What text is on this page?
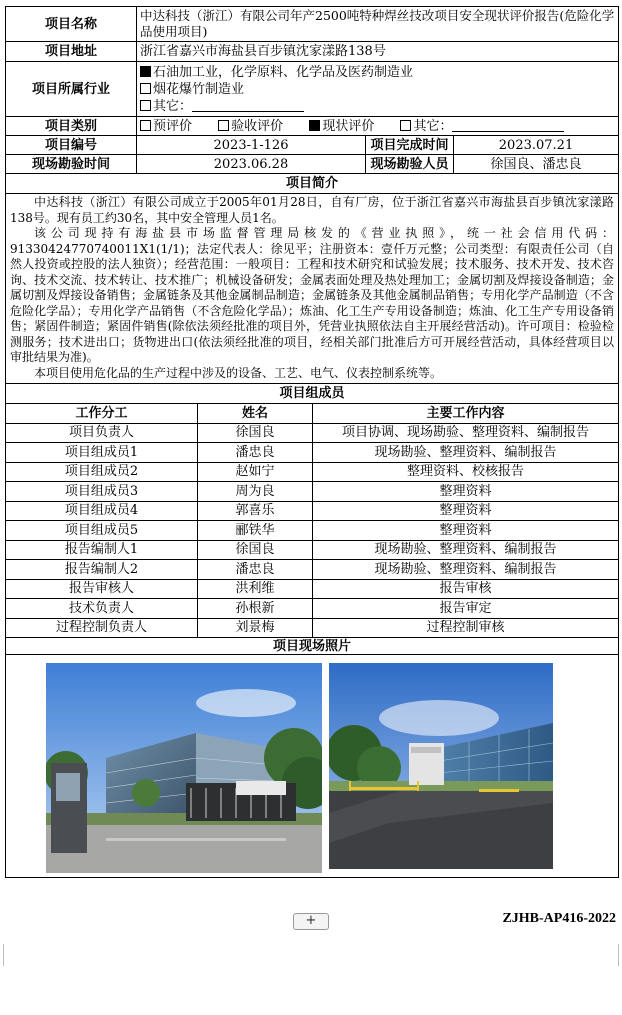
项目名称	中达科技（浙江）有限公司年产2500吨特种焊丝技改项目安全现状评价报告(危险化学品使用项目)		
项目地址	浙江省嘉兴市海盐县百步镇沈家漾路138号		
项目所属行业	石油加工业，化学原料、化学品及医药制造业
烟花爆竹制造业
其它：		

项目类别	预评价 验收评价 现状评价 其它：		
项目编号	2023-1-126	项目完成时间	2023.07.21
现场勘验时间	2023.06.28	现场勘验人员	徐国良、潘忠良
项目简介			

中达科技（浙江）有限公司成立于2005年01月28日，自有厂房，位于浙江省嘉兴市海盐县百步镇沈家漾路138号。现有员工约30名，其中安全管理人员1名。

该公司现持有海盐县市场监督管理局核发的《营业执照》，统一社会信用代码：91330424770740011X1(1/1)；法定代表人：徐见平；注册资本：壹仟万元整；公司类型：有限责任公司（自然人投资或控股的法人独资）；经营范围：一般项目：工程和技术研究和试验发展；技术服务、技术开发、技术咨询、技术交流、技术转让、技术推广；机械设备研发；金属表面处理及热处理加工；金属切割及焊接设备制造；金属切割及焊接设备销售；金属链条及其他金属制品制造；金属链条及其他金属制品销售；专用化学产品制造（不含危险化学品）；专用化学产品销售（不含危险化学品）；炼油、化工生产专用设备制造；炼油、化工生产专用设备销售；紧固件制造；紧固件销售(除依法须经批准的项目外，凭营业执照依法自主开展经营活动)。许可项目：检验检测服务；技术进出口；货物进出口(依法须经批准的项目，经相关部门批准后方可开展经营活动，具体经营项目以审批结果为准)。

本项目使用危化品的生产过程中涉及的设备、工艺、电气、仪表控制系统等。			

项目组成员			
工作分工	姓名	主要工作内容
项目负责人	徐国良	项目协调、现场勘验、整理资料、编制报告
项目组成员1	潘忠良	现场勘验、整理资料、编制报告
项目组成员2	赵如宁	整理资料、校核报告
项目组成员3	周为良	整理资料
项目组成员4	郭喜乐	整理资料
项目组成员5	郦铁华	整理资料
报告编制人1	徐国良	现场勘验、整理资料、编制报告
报告编制人2	潘忠良	现场勘验、整理资料、编制报告
报告审核人	洪利维	报告审核
技术负责人	孙根新	报告审定
过程控制负责人	刘景梅	过程控制审核
项目现场照片		

+	ZJHB-AP416-2022
